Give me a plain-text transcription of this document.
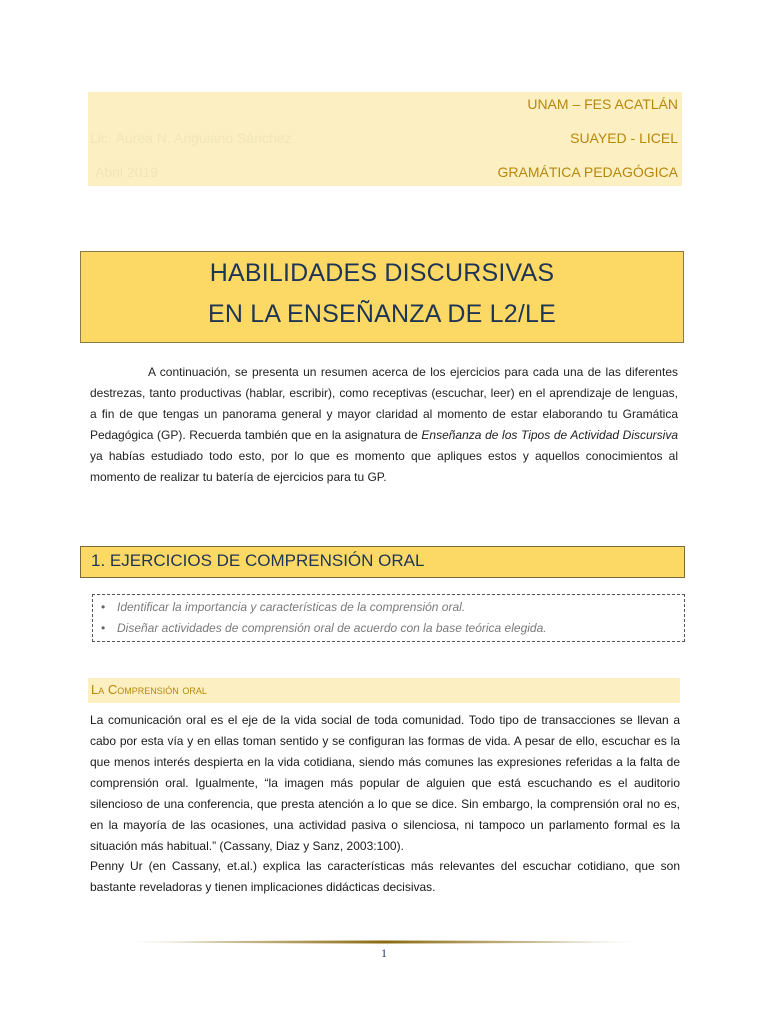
UNAM – FES ACATLÁN
Lic. Áurea N. Anguiano Sánchez	SUAYED - LICEL
Abril 2019	GRAMÁTICA PEDAGÓGICA
HABILIDADES DISCURSIVAS
EN LA ENSEÑANZA DE L2/LE
A continuación, se presenta un resumen acerca de los ejercicios para cada una de las diferentes destrezas, tanto productivas (hablar, escribir), como receptivas (escuchar, leer) en el aprendizaje de lenguas, a fin de que tengas un panorama general y mayor claridad al momento de estar elaborando tu Gramática Pedagógica (GP). Recuerda también que en la asignatura de Enseñanza de los Tipos de Actividad Discursiva ya habías estudiado todo esto, por lo que es momento que apliques estos y aquellos conocimientos al momento de realizar tu batería de ejercicios para tu GP.
1. EJERCICIOS DE COMPRENSIÓN ORAL
• Identificar la importancia y características de la comprensión oral.
• Diseñar actividades de comprensión oral de acuerdo con la base teórica elegida.
La Comprensión oral
La comunicación oral es el eje de la vida social de toda comunidad. Todo tipo de transacciones se llevan a cabo por esta vía y en ellas toman sentido y se configuran las formas de vida. A pesar de ello, escuchar es la que menos interés despierta en la vida cotidiana, siendo más comunes las expresiones referidas a la falta de comprensión oral. Igualmente, “la imagen más popular de alguien que está escuchando es el auditorio silencioso de una conferencia, que presta atención a lo que se dice. Sin embargo, la comprensión oral no es, en la mayoría de las ocasiones, una actividad pasiva o silenciosa, ni tampoco un parlamento formal es la situación más habitual.” (Cassany, Diaz y Sanz, 2003:100).
Penny Ur (en Cassany, et.al.) explica las características más relevantes del escuchar cotidiano, que son bastante reveladoras y tienen implicaciones didácticas decisivas.
1
